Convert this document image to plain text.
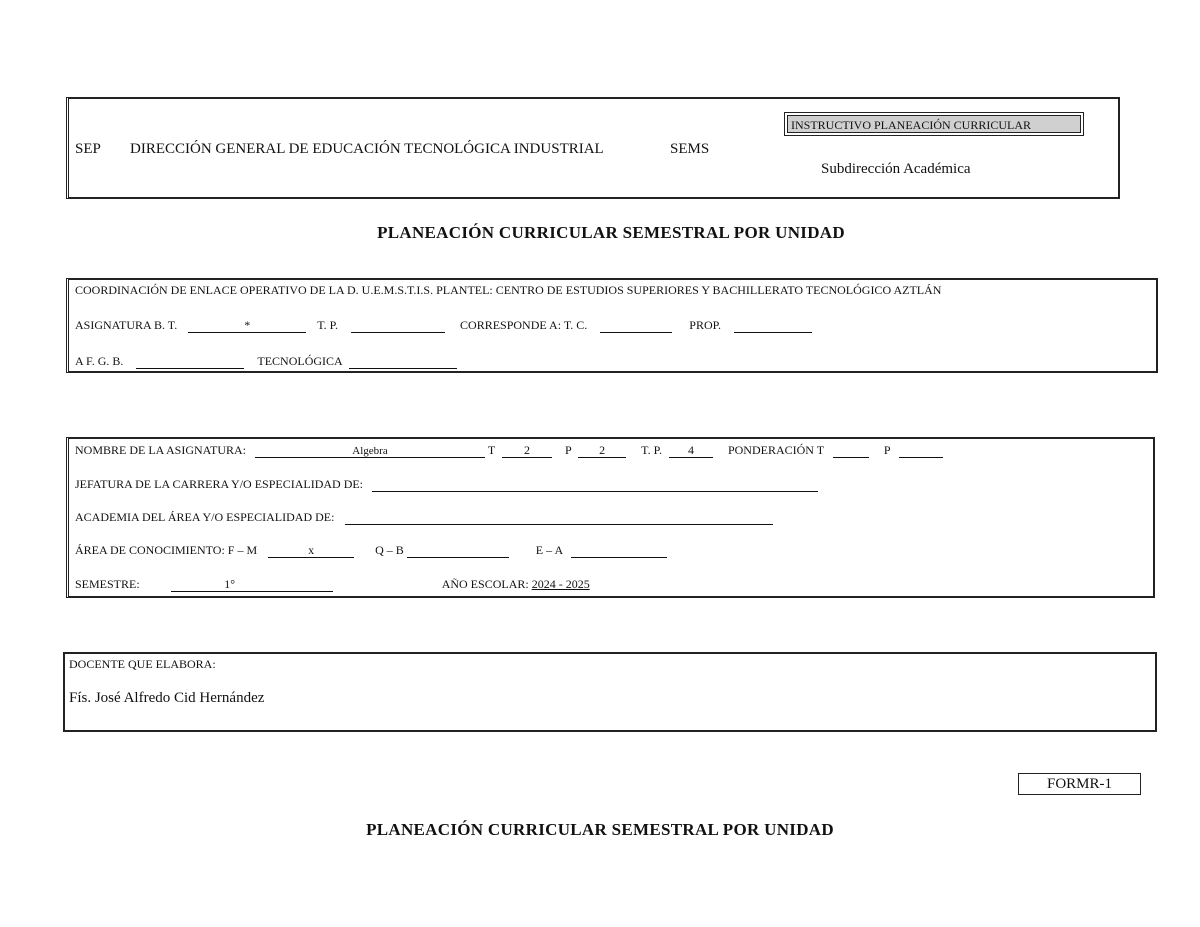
SEP DIRECCIÓN GENERAL DE EDUCACIÓN TECNOLÓGICA INDUSTRIAL	SEMS
INSTRUCTIVO PLANEACIÓN CURRICULAR
Subdirección Académica
PLANEACIÓN CURRICULAR SEMESTRAL POR UNIDAD
COORDINACIÓN DE ENLACE OPERATIVO DE LA D. U.E.M.S.T.I.S. PLANTEL: CENTRO DE ESTUDIOS SUPERIORES Y BACHILLERATO TECNOLÓGICO AZTLÁN
ASIGNATURA B. T.	*	T. P.	CORRESPONDE A: T. C.	PROP.
A F. G. B.	TECNOLÓGICA
NOMBRE DE LA ASIGNATURA:	Algebra	T 2	P 2	T. P. 4	PONDERACIÓN T	P
JEFATURA DE LA CARRERA Y/O ESPECIALIDAD DE:
ACADEMIA DEL ÁREA Y/O ESPECIALIDAD DE:
ÁREA DE CONOCIMIENTO: F – M	x	Q – B	E – A
SEMESTRE:	1°	AÑO ESCOLAR: 2024 - 2025
DOCENTE QUE ELABORA:
Fís. José Alfredo Cid Hernández
FORMR-1
PLANEACIÓN CURRICULAR SEMESTRAL POR UNIDAD
